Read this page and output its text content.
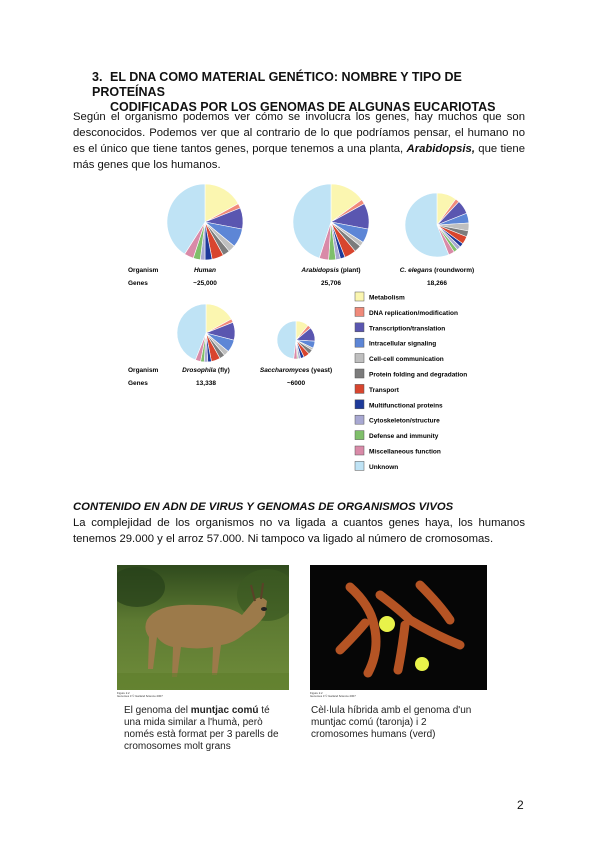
3. EL DNA COMO MATERIAL GENÉTICO: NOMBRE Y TIPO DE PROTEÍNAS
CODIFICADAS POR LOS GENOMAS DE ALGUNAS EUCARIOTAS
Según el organismo podemos ver cómo se involucra los genes, hay muchos que son desconocidos. Podemos ver que al contrario de lo que podríamos pensar, el humano no es el único que tiene tantos genes, porque tenemos a una planta, Arabidopsis, que tiene más genes que los humanos.
Human
~25,000
Arabidopsis (plant)
25,706
C. elegans (roundworm)
18,266
Drosophila (fly)
13,338
Saccharomyces (yeast)
~6000
Organism
Genes
Organism
Genes
Metabolism
DNA replication/modification
Transcription/translation
Intracellular signaling
Cell-cell communication
Protein folding and degradation
Transport
Multifunctional proteins
Cytoskeleton/structure
Defense and immunity
Miscellaneous function
Unknown
CONTENIDO EN ADN DE VIRUS Y GENOMAS DE ORGANISMOS VIVOS
La complejidad de los organismos no va ligada a cuantos genes haya, los humanos tenemos 29.000 y el arroz 57.000. Ni tampoco va ligado al número de cromosomas.
Figure 2.2
Genomes 3 © Garland Science 2007
El genoma del muntjac comú té una mida similar a l'humà, però només està format per 3 parells de cromosomes molt grans
Figure 2.2
Genomes 3 © Garland Science 2007
Cèl·lula híbrida amb el genoma d'un muntjac comú (taronja) i 2 cromosomes humans (verd)
2
